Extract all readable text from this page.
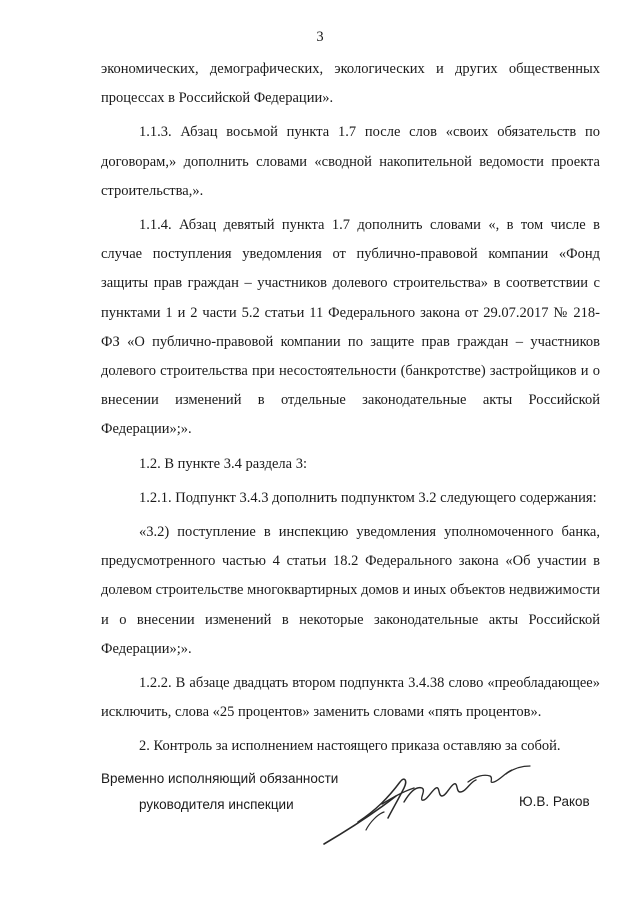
3

экономических, демографических, экологических и других общественных процессах в Российской Федерации».

1.1.3. Абзац восьмой пункта 1.7 после слов «своих обязательств по договорам,» дополнить словами «сводной накопительной ведомости проекта строительства,».

1.1.4. Абзац девятый пункта 1.7 дополнить словами «, в том числе в случае поступления уведомления от публично-правовой компании «Фонд защиты прав граждан – участников долевого строительства» в соответствии с пунктами 1 и 2 части 5.2 статьи 11 Федерального закона от 29.07.2017 № 218-ФЗ «О публично-правовой компании по защите прав граждан – участников долевого строительства при несостоятельности (банкротстве) застройщиков и о внесении изменений в отдельные законодательные акты Российской Федерации»;».

1.2. В пункте 3.4 раздела 3:

1.2.1. Подпункт 3.4.3 дополнить подпунктом 3.2 следующего содержания:

«3.2) поступление в инспекцию уведомления уполномоченного банка, предусмотренного частью 4 статьи 18.2 Федерального закона «Об участии в долевом строительстве многоквартирных домов и иных объектов недвижимости и о внесении изменений в некоторые законодательные акты Российской Федерации»;».

1.2.2. В абзаце двадцать втором подпункта 3.4.38 слово «преобладающее» исключить, слова «25 процентов» заменить словами «пять процентов».

2. Контроль за исполнением настоящего приказа оставляю за собой.

Временно исполняющий обязанности
руководителя инспекции	Ю.В. Раков
